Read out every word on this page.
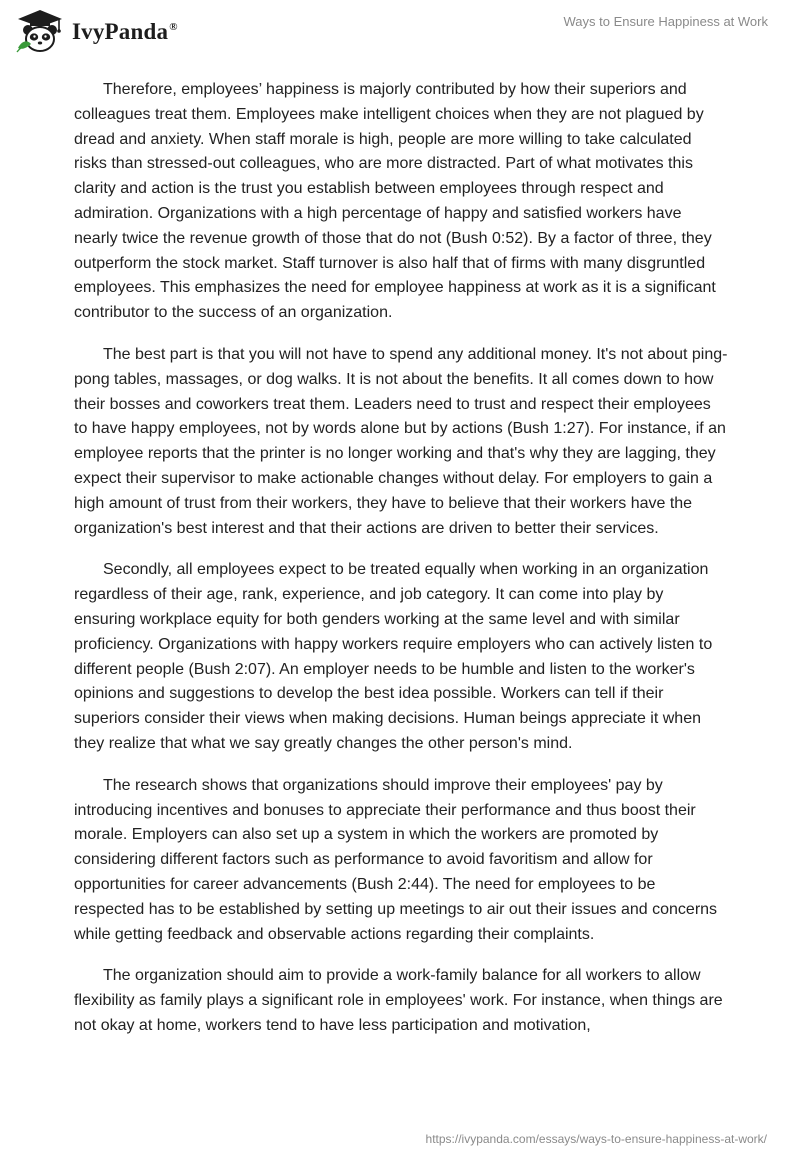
IvyPanda®	Ways to Ensure Happiness at Work

Therefore, employees’ happiness is majorly contributed by how their superiors and colleagues treat them. Employees make intelligent choices when they are not plagued by dread and anxiety. When staff morale is high, people are more willing to take calculated risks than stressed-out colleagues, who are more distracted. Part of what motivates this clarity and action is the trust you establish between employees through respect and admiration. Organizations with a high percentage of happy and satisfied workers have nearly twice the revenue growth of those that do not (Bush 0:52). By a factor of three, they outperform the stock market. Staff turnover is also half that of firms with many disgruntled employees. This emphasizes the need for employee happiness at work as it is a significant contributor to the success of an organization.

The best part is that you will not have to spend any additional money. It's not about ping-pong tables, massages, or dog walks. It is not about the benefits. It all comes down to how their bosses and coworkers treat them. Leaders need to trust and respect their employees to have happy employees, not by words alone but by actions (Bush 1:27). For instance, if an employee reports that the printer is no longer working and that's why they are lagging, they expect their supervisor to make actionable changes without delay. For employers to gain a high amount of trust from their workers, they have to believe that their workers have the organization's best interest and that their actions are driven to better their services.

Secondly, all employees expect to be treated equally when working in an organization regardless of their age, rank, experience, and job category. It can come into play by ensuring workplace equity for both genders working at the same level and with similar proficiency. Organizations with happy workers require employers who can actively listen to different people (Bush 2:07). An employer needs to be humble and listen to the worker's opinions and suggestions to develop the best idea possible. Workers can tell if their superiors consider their views when making decisions. Human beings appreciate it when they realize that what we say greatly changes the other person's mind.

The research shows that organizations should improve their employees' pay by introducing incentives and bonuses to appreciate their performance and thus boost their morale. Employers can also set up a system in which the workers are promoted by considering different factors such as performance to avoid favoritism and allow for opportunities for career advancements (Bush 2:44). The need for employees to be respected has to be established by setting up meetings to air out their issues and concerns while getting feedback and observable actions regarding their complaints.

The organization should aim to provide a work-family balance for all workers to allow flexibility as family plays a significant role in employees' work. For instance, when things are not okay at home, workers tend to have less participation and motivation,

https://ivypanda.com/essays/ways-to-ensure-happiness-at-work/
